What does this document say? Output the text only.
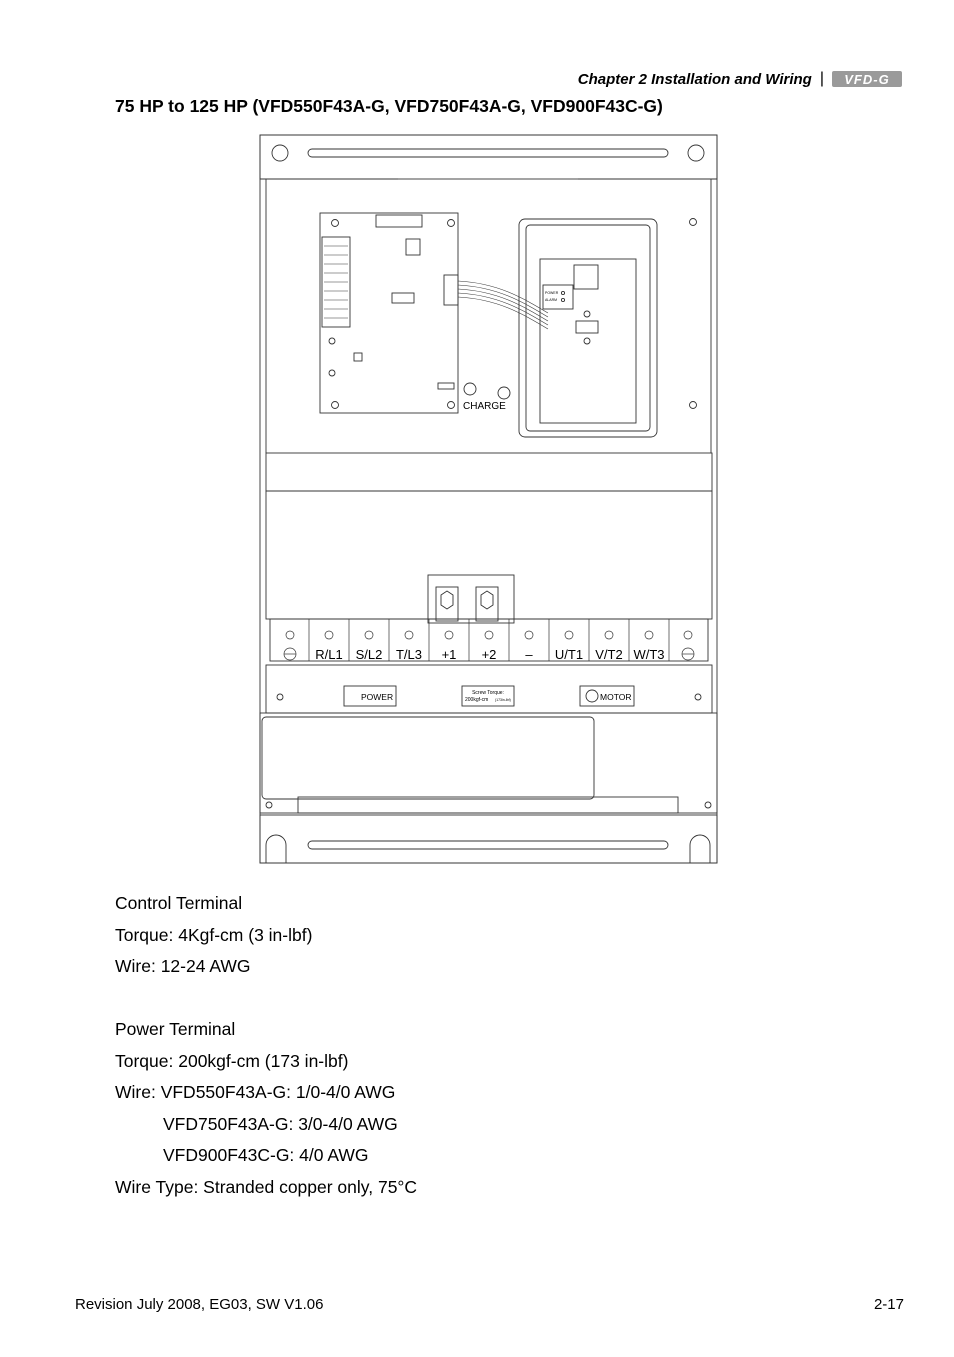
Chapter 2 Installation and Wiring |	VFD-G
75 HP to 125 HP (VFD550F43A-G, VFD750F43A-G, VFD900F43C-G)
CHARGE
POWER
ALARM
R/L1 S/L2 T/L3 +1 +2 – U/T1 V/T2 W/T3
POWER	MOTOR
Screw Torque:
200kgf-cm (173in-lbf)
Control Terminal
Torque: 4Kgf-cm (3 in-lbf)
Wire: 12-24 AWG
Power Terminal
Torque: 200kgf-cm (173 in-lbf)
Wire: VFD550F43A-G: 1/0-4/0 AWG
VFD750F43A-G: 3/0-4/0 AWG
VFD900F43C-G: 4/0 AWG
Wire Type: Stranded copper only, 75°C
Revision July 2008, EG03, SW V1.06	2-17
